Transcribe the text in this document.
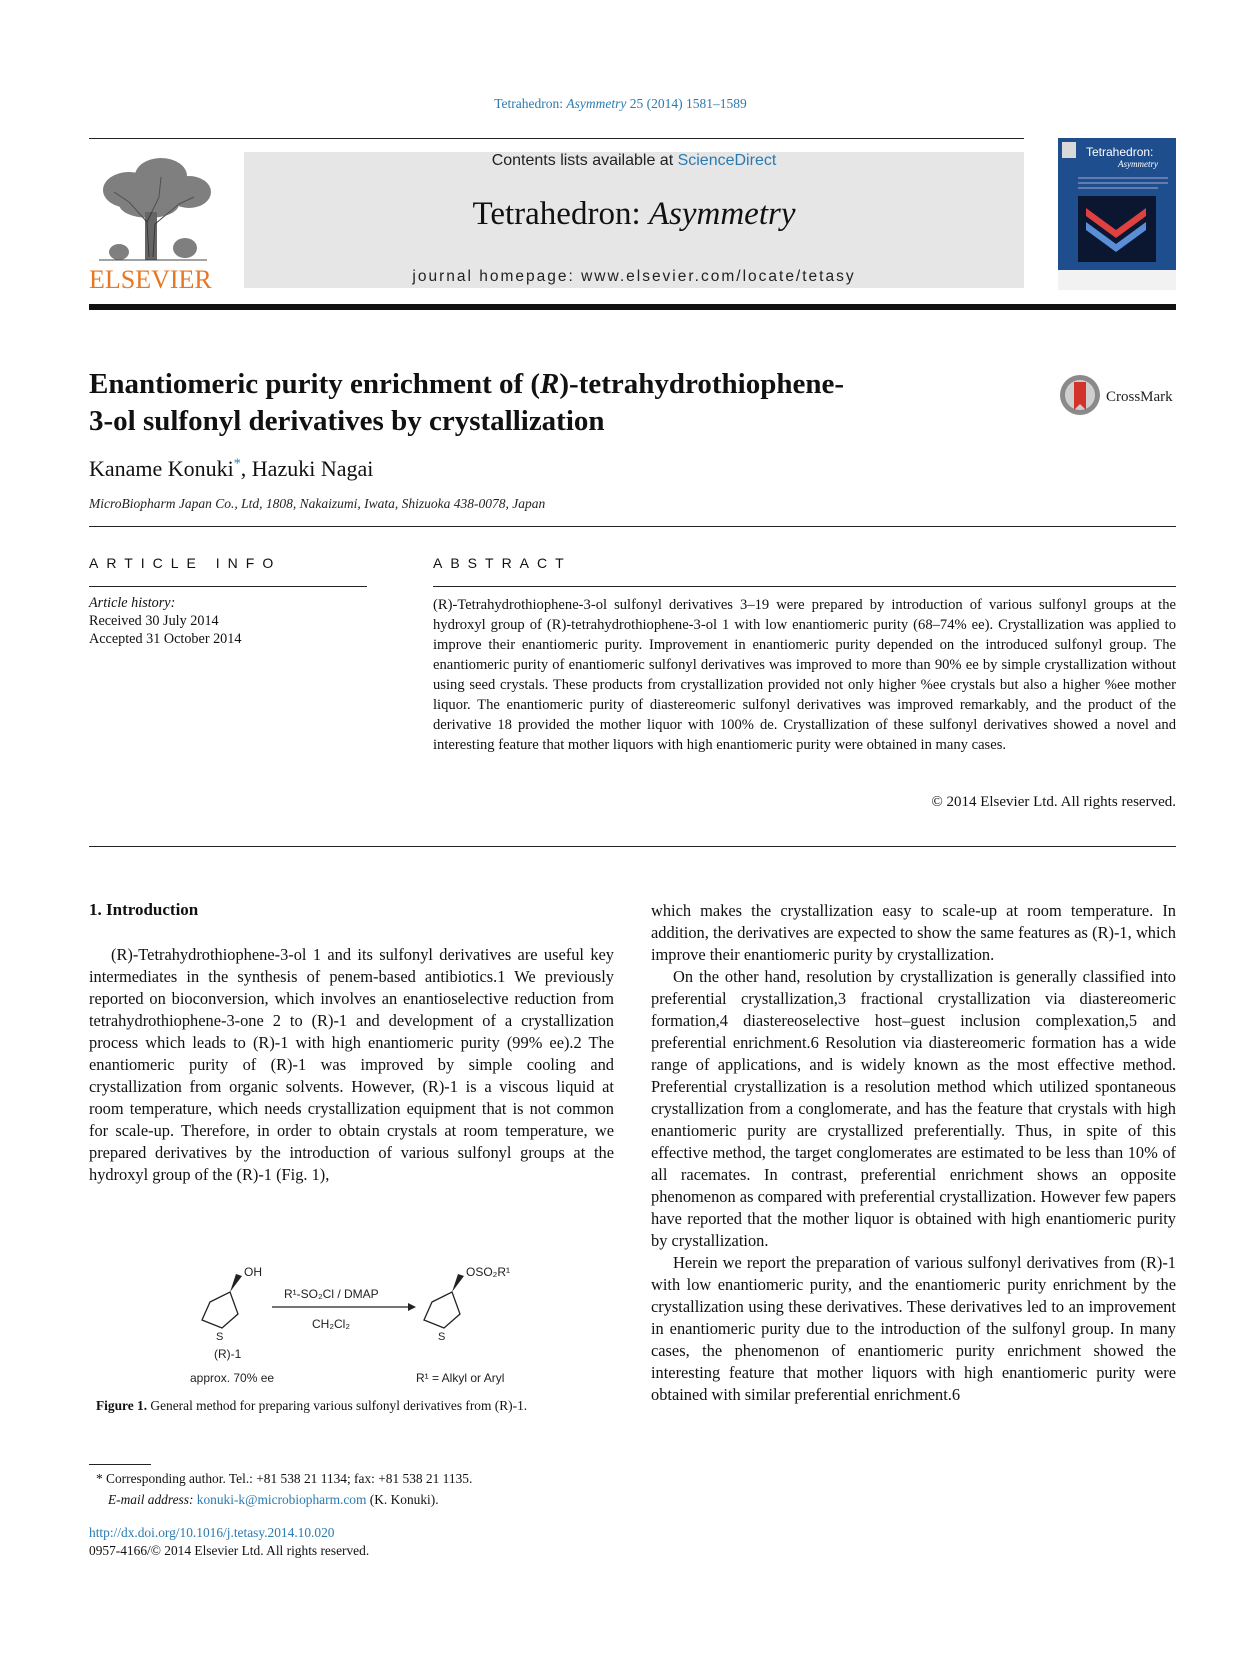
Tetrahedron: Asymmetry 25 (2014) 1581–1589
ELSEVIER
Contents lists available at ScienceDirect
Tetrahedron: Asymmetry
journal homepage: www.elsevier.com/locate/tetasy
Tetrahedron:
Asymmetry
Enantiomeric purity enrichment of (R)-tetrahydrothiophene-
3-ol sulfonyl derivatives by crystallization
CrossMark
Kaname Konuki*, Hazuki Nagai
MicroBiopharm Japan Co., Ltd, 1808, Nakaizumi, Iwata, Shizuoka 438-0078, Japan
ARTICLE INFO
Article history:
Received 30 July 2014
Accepted 31 October 2014
ABSTRACT
(R)-Tetrahydrothiophene-3-ol sulfonyl derivatives 3–19 were prepared by introduction of various sulfonyl groups at the hydroxyl group of (R)-tetrahydrothiophene-3-ol 1 with low enantiomeric purity (68–74% ee). Crystallization was applied to improve their enantiomeric purity. Improvement in enantiomeric purity depended on the introduced sulfonyl group. The enantiomeric purity of enantiomeric sulfonyl derivatives was improved to more than 90% ee by simple crystallization without using seed crystals. These products from crystallization provided not only higher %ee crystals but also a higher %ee mother liquor. The enantiomeric purity of diastereomeric sulfonyl derivatives was improved remarkably, and the product of the derivative 18 provided the mother liquor with 100% de. Crystallization of these sulfonyl derivatives showed a novel and interesting feature that mother liquors with high enantiomeric purity were obtained in many cases.
© 2014 Elsevier Ltd. All rights reserved.
1. Introduction

(R)-Tetrahydrothiophene-3-ol 1 and its sulfonyl derivatives are useful key intermediates in the synthesis of penem-based antibiotics.1 We previously reported on bioconversion, which involves an enantioselective reduction from tetrahydrothiophene-3-one 2 to (R)-1 and development of a crystallization process which leads to (R)-1 with high enantiomeric purity (99% ee).2 The enantiomeric purity of (R)-1 was improved by simple cooling and crystallization from organic solvents. However, (R)-1 is a viscous liquid at room temperature, which needs crystallization equipment that is not common for scale-up. Therefore, in order to obtain crystals at room temperature, we prepared derivatives by the introduction of various sulfonyl groups at the hydroxyl group of the (R)-1 (Fig. 1),

which makes the crystallization easy to scale-up at room temperature. In addition, the derivatives are expected to show the same features as (R)-1, which improve their enantiomeric purity by crystallization.

On the other hand, resolution by crystallization is generally classified into preferential crystallization,3 fractional crystallization via diastereomeric formation,4 diastereoselective host–guest inclusion complexation,5 and preferential enrichment.6 Resolution via diastereomeric formation has a wide range of applications, and is widely known as the most effective method. Preferential crystallization is a resolution method which utilized spontaneous crystallization from a conglomerate, and has the feature that crystals with high enantiomeric purity are crystallized preferentially. Thus, in spite of this effective method, the target conglomerates are estimated to be less than 10% of all racemates. In contrast, preferential enrichment shows an opposite phenomenon as compared with preferential crystallization. However few papers have reported that the mother liquor is obtained with high enantiomeric purity by crystallization.

Herein we report the preparation of various sulfonyl derivatives from (R)-1 with low enantiomeric purity, and the enantiomeric purity enrichment by the crystallization using these derivatives. These derivatives led to an improvement in enantiomeric purity due to the introduction of the sulfonyl group. In many cases, the phenomenon of enantiomeric purity enrichment showed the interesting feature that mother liquors with high enantiomeric purity were obtained with similar preferential enrichment.6

OH
S
R¹-SO₂Cl / DMAP
CH₂Cl₂
OSO₂R¹
S
(R)-1
approx. 70% ee	R¹ = Alkyl or Aryl
Figure 1. General method for preparing various sulfonyl derivatives from (R)-1.
* Corresponding author. Tel.: +81 538 21 1134; fax: +81 538 21 1135.
E-mail address: konuki-k@microbiopharm.com (K. Konuki).
http://dx.doi.org/10.1016/j.tetasy.2014.10.020
0957-4166/© 2014 Elsevier Ltd. All rights reserved.
